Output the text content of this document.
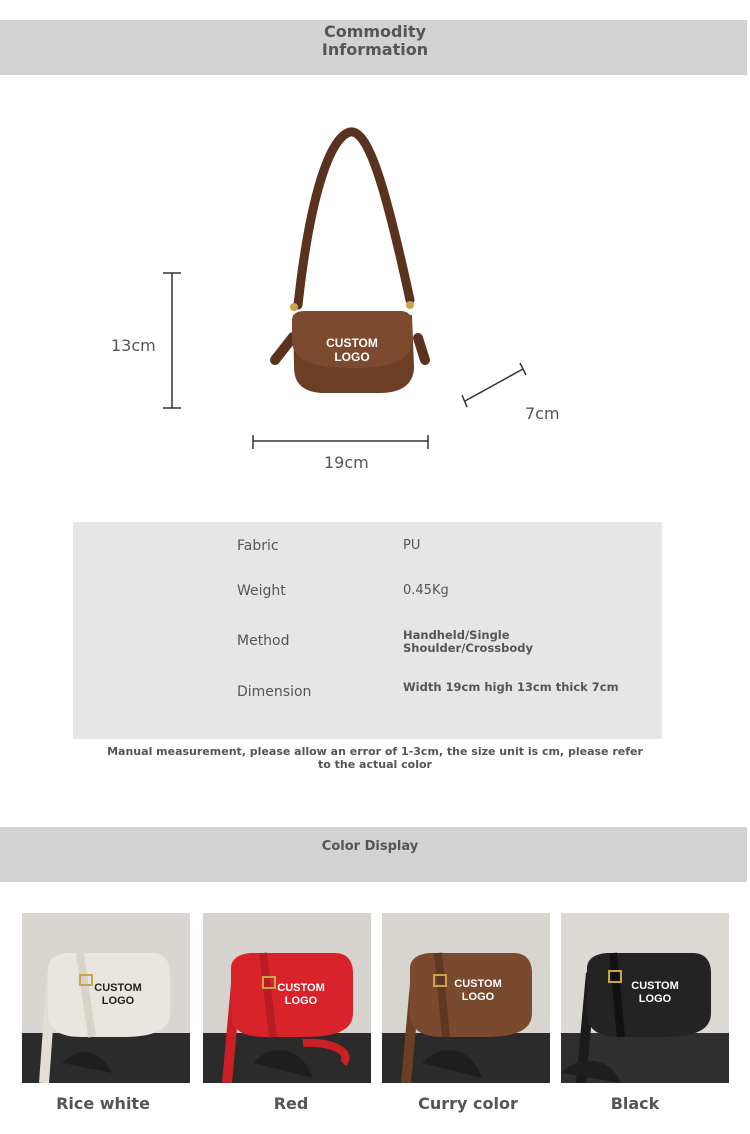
Commodity
Information
CUSTOM
LOGO
13cm
19cm
7cm
Fabric	PU
Weight	0.45Kg
Method	Handheld/Single Shoulder/Crossbody
Dimension	Width 19cm high 13cm thick 7cm
Manual measurement, please allow an error of 1-3cm, the size unit is cm, please refer to the actual color
Color Display
CUSTOM
LOGO
Rice white
CUSTOM
LOGO
Red
CUSTOM
LOGO
Curry color
CUSTOM
LOGO
Black
